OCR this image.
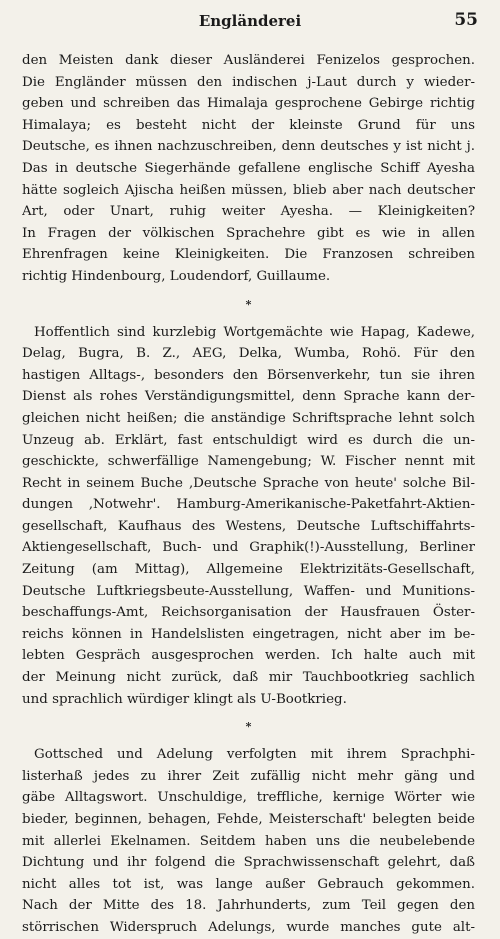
Engländerei	55
den Meisten dank dieser Ausländerei Fenizelos gesprochen.
Die Engländer müssen den indischen j-Laut durch y wieder-
geben und schreiben das Himalaja gesprochene Gebirge richtig
Himalaya; es besteht nicht der kleinste Grund für uns
Deutsche, es ihnen nachzuschreiben, denn deutsches y ist nicht j.
Das in deutsche Siegerhände gefallene englische Schiff Ayesha
hätte sogleich Ajischa heißen müssen, blieb aber nach deutscher
Art, oder Unart, ruhig weiter Ayesha. — Kleinigkeiten?
In Fragen der völkischen Sprachehre gibt es wie in allen
Ehrenfragen keine Kleinigkeiten. Die Franzosen schreiben
richtig Hindenbourg, Loudendorf, Guillaume.
*
Hoffentlich sind kurzlebig Wortgemächte wie Hapag, Kadewe,
Delag, Bugra, B. Z., AEG, Delka, Wumba, Rohö. Für den
hastigen Alltags-, besonders den Börsenverkehr, tun sie ihren
Dienst als rohes Verständigungsmittel, denn Sprache kann der-
gleichen nicht heißen; die anständige Schriftsprache lehnt solch
Unzeug ab. Erklärt, fast entschuldigt wird es durch die un-
geschickte, schwerfällige Namengebung; W. Fischer nennt mit
Recht in seinem Buche ‚Deutsche Sprache von heute' solche Bil-
dungen ‚Notwehr'. Hamburg-Amerikanische-Paketfahrt-Aktien-
gesellschaft, Kaufhaus des Westens, Deutsche Luftschiffahrts-
Aktiengesellschaft, Buch- und Graphik(!)-Ausstellung, Berliner
Zeitung (am Mittag), Allgemeine Elektrizitäts-Gesellschaft,
Deutsche Luftkriegsbeute-Ausstellung, Waffen- und Munitions-
beschaffungs-Amt, Reichsorganisation der Hausfrauen Öster-
reichs können in Handelslisten eingetragen, nicht aber im be-
lebten Gespräch ausgesprochen werden. Ich halte auch mit
der Meinung nicht zurück, daß mir Tauchbootkrieg sachlich
und sprachlich würdiger klingt als U-Bootkrieg.
*
Gottsched und Adelung verfolgten mit ihrem Sprachphi-
listerhaß jedes zu ihrer Zeit zufällig nicht mehr gäng und
gäbe Alltagswort. Unschuldige, treffliche, kernige Wörter wie
bieder, beginnen, behagen, Fehde, Meisterschaft' belegten beide
mit allerlei Ekelnamen. Seitdem haben uns die neubelebende
Dichtung und ihr folgend die Sprachwissenschaft gelehrt, daß
nicht alles tot ist, was lange außer Gebrauch gekommen.
Nach der Mitte des 18. Jahrhunderts, zum Teil gegen den
störrischen Widerspruch Adelungs, wurde manches gute alt-
